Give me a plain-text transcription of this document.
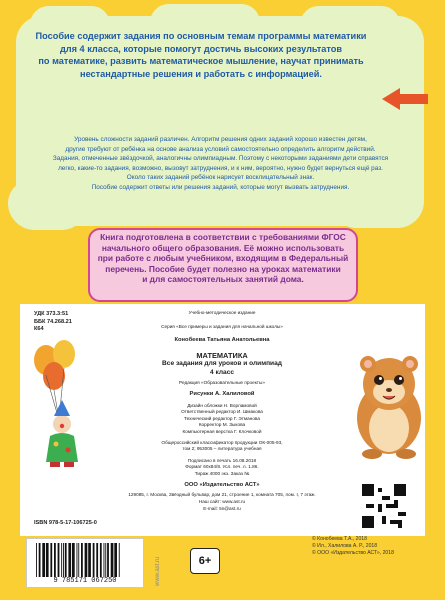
Пособие содержит задания по основным темам программы математики
для 4 класса, которые помогут достичь высоких результатов
по математике, развить математическое мышление, научат принимать
нестандартные решения и работать с информацией.
Уровень сложности заданий различен. Алгоритм решения одних заданий хорошо известен детям,
другие требуют от ребёнка на основе анализа условий самостоятельно определить алгоритм действий.
Задания, отмеченные звёздочкой, аналогичны олимпиадным. Поэтому с некоторыми заданиями дети справятся
легко, какие-то задания, возможно, вызовут затруднения, и к ним, вероятно, нужно будет вернуться ещё раз.
Около таких заданий ребёнок нарисует восклицательный знак.
Пособие содержит ответы или решения заданий, которые могут вызвать затруднения.
Книга подготовлена в соответствии с требованиями ФГОС
начального общего образования. Её можно использовать
при работе с любым учебником, входящим в Федеральный
перечень. Пособие будет полезно на уроках математики
и для самостоятельных занятий дома.
УДК 373.3:51
ББК 74.268.21
К64
Учебно-методическое издание
Серия «Все примеры и задания для начальной школы»
Конобеева Татьяна Анатольевна
МАТЕМАТИКА
Все задания для уроков и олимпиад
4 класс
Редакция «Образовательные проекты»
Рисунки А. Халиловой
Дизайн обложки Н. Ворламовой
Ответственный редактор И. Шмакова
Технический редактор Г. Этманова
Корректор М. Зыкова
Компьютерная верстка Г. Клочковой
Общероссийский классификатор продукции ОК-005-93,
том 2; 953005 – литература учебная
Подписано в печать 16.08.2018
Формат 60x84/8. Усл. печ. л. 1.86.
Тираж 4000 экз. Заказ №
ООО «Издательство АСТ»
129085, г. Москва, Звёздный бульвар, дом 21, строение 1, комната 705, пом. I, 7 этаж.
Наш сайт: www.ast.ru
E-mail: 5n@ast.ru
ISBN 978-5-17-106725-0
9 785171 067250	www.ast.ru	6+
© Конобеева Т.А., 2018
© Ил., Халилова А. Р., 2018
© ООО «Издательство АСТ», 2018
